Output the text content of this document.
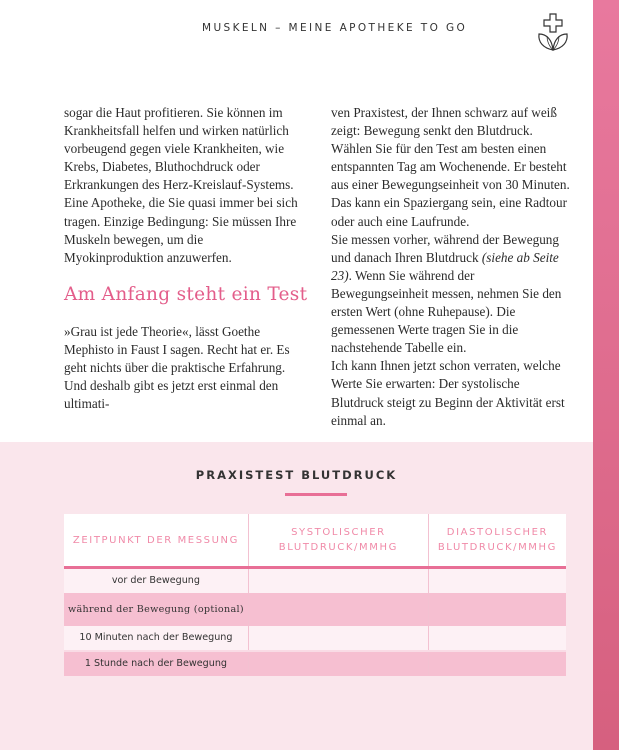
MUSKELN – MEINE APOTHEKE TO GO

sogar die Haut profitieren. Sie können im Krankheitsfall helfen und wirken natürlich vorbeugend gegen viele Krankheiten, wie Krebs, Diabetes, Bluthochdruck oder Erkrankungen des Herz-Kreislauf-Systems. Eine Apotheke, die Sie quasi immer bei sich tragen. Einzige Bedingung: Sie müssen Ihre Muskeln bewegen, um die Myokinproduktion anzuwerfen.

Am Anfang steht ein Test

»Grau ist jede Theorie«, lässt Goethe Mephisto in Faust I sagen. Recht hat er. Es geht nichts über die praktische Erfahrung. Und deshalb gibt es jetzt erst einmal den ultimati-

ven Praxistest, der Ihnen schwarz auf weiß zeigt: Bewegung senkt den Blutdruck.

Wählen Sie für den Test am besten einen entspannten Tag am Wochenende. Er besteht aus einer Bewegungseinheit von 30 Minuten. Das kann ein Spaziergang sein, eine Radtour oder auch eine Laufrunde.

Sie messen vorher, während der Bewegung und danach Ihren Blutdruck (siehe ab Seite 23). Wenn Sie während der Bewegungseinheit messen, nehmen Sie den ersten Wert (ohne Ruhepause). Die gemessenen Werte tragen Sie in die nachstehende Tabelle ein.

Ich kann Ihnen jetzt schon verraten, welche Werte Sie erwarten: Der systolische Blutdruck steigt zu Beginn der Aktivität erst einmal an.

PRAXISTEST BLUTDRUCK
ZEITPUNKT DER MESSUNG	SYSTOLISCHER BLUTDRUCK/MMHG	DIASTOLISCHER BLUTDRUCK/MMHG
vor der Bewegung		
während der Bewegung (optional)		
10 Minuten nach der Bewegung		
1 Stunde nach der Bewegung		
